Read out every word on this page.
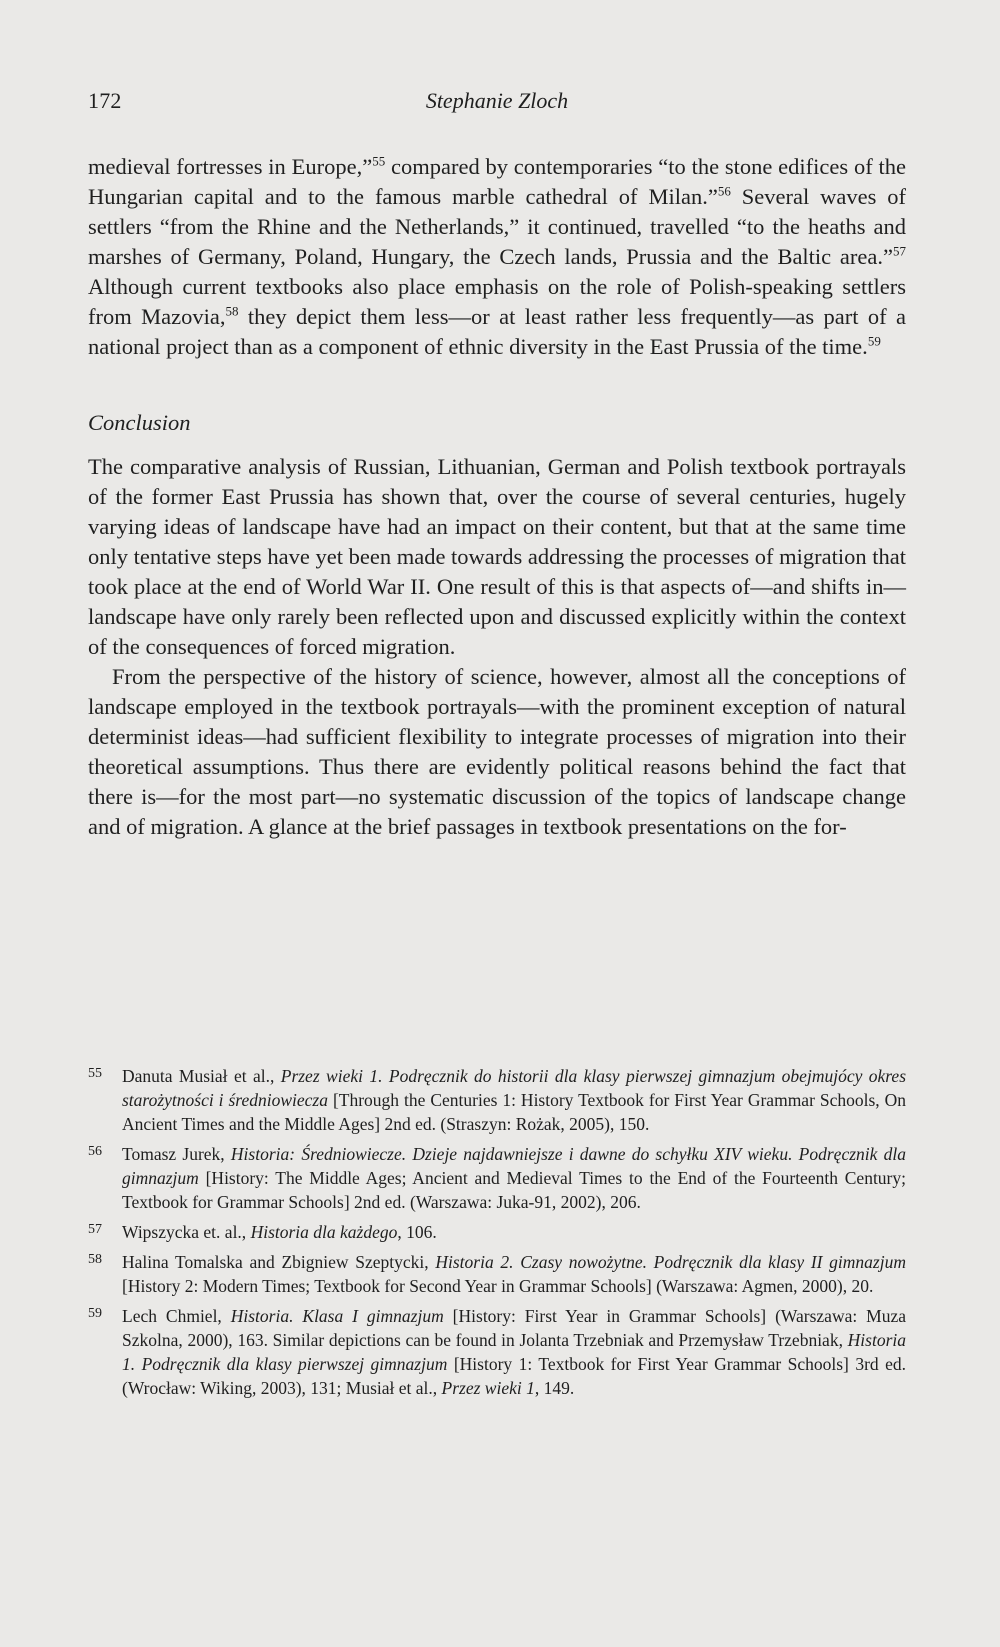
172	Stephanie Zloch

medieval fortresses in Europe,”$^{55}$ compared by contemporaries “to the stone edifices of the Hungarian capital and to the famous marble cathedral of Milan.”$^{56}$ Several waves of settlers “from the Rhine and the Netherlands,” it continued, travelled “to the heaths and marshes of Germany, Poland, Hungary, the Czech lands, Prussia and the Baltic area.”$^{57}$ Although current textbooks also place emphasis on the role of Polish-speaking settlers from Mazovia,$^{58}$ they depict them less—or at least rather less frequently—as part of a national project than as a component of ethnic diversity in the East Prussia of the time.$^{59}$

Conclusion

The comparative analysis of Russian, Lithuanian, German and Polish textbook portrayals of the former East Prussia has shown that, over the course of several centuries, hugely varying ideas of landscape have had an impact on their content, but that at the same time only tentative steps have yet been made towards addressing the processes of migration that took place at the end of World War II. One result of this is that aspects of—and shifts in—landscape have only rarely been reflected upon and discussed explicitly within the context of the consequences of forced migration.

From the perspective of the history of science, however, almost all the conceptions of landscape employed in the textbook portrayals—with the prominent exception of natural determinist ideas—had sufficient flexibility to integrate processes of migration into their theoretical assumptions. Thus there are evidently political reasons behind the fact that there is—for the most part—no systematic discussion of the topics of landscape change and of migration. A glance at the brief passages in textbook presentations on the for-

55 Danuta Musiał et al., Przez wieki 1. Podręcznik do historii dla klasy pierwszej gimnazjum obejmujócy okres starożytności i średniowiecza [Through the Centuries 1: History Textbook for First Year Grammar Schools, On Ancient Times and the Middle Ages] 2nd ed. (Straszyn: Rożak, 2005), 150.
56 Tomasz Jurek, Historia: Średniowiecze. Dzieje najdawniejsze i dawne do schyłku XIV wieku. Podręcznik dla gimnazjum [History: The Middle Ages; Ancient and Medieval Times to the End of the Fourteenth Century; Textbook for Grammar Schools] 2nd ed. (Warszawa: Juka-91, 2002), 206.
57 Wipszycka et. al., Historia dla każdego, 106.
58 Halina Tomalska and Zbigniew Szeptycki, Historia 2. Czasy nowożytne. Podręcznik dla klasy II gimnazjum [History 2: Modern Times; Textbook for Second Year in Grammar Schools] (Warszawa: Agmen, 2000), 20.
59 Lech Chmiel, Historia. Klasa I gimnazjum [History: First Year in Grammar Schools] (Warszawa: Muza Szkolna, 2000), 163. Similar depictions can be found in Jolanta Trzebniak and Przemysław Trzebniak, Historia 1. Podręcznik dla klasy pierwszej gimnazjum [History 1: Textbook for First Year Grammar Schools] 3rd ed. (Wrocław: Wiking, 2003), 131; Musiał et al., Przez wieki 1, 149.
